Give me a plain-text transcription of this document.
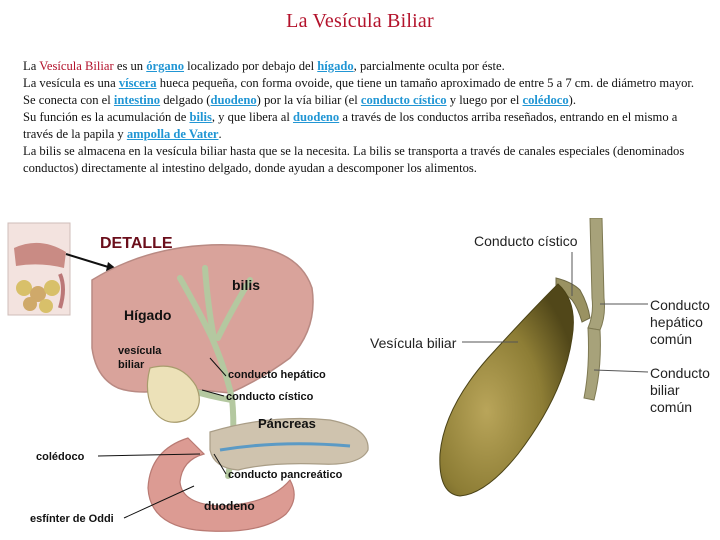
La Vesícula Biliar

La Vesícula Biliar es un órgano localizado por debajo del hígado, parcialmente oculta por éste.

La vesícula es una víscera hueca pequeña, con forma ovoide, que tiene un tamaño aproximado de entre 5 a 7 cm. de diámetro mayor. Se conecta con el intestino delgado (duodeno) por la vía biliar (el conducto cístico y luego por el colédoco).

Su función es la acumulación de bilis, y que libera al duodeno a través de los conductos arriba reseñados, entrando en el mismo a través de la papila y ampolla de Vater.

La bilis se almacena en la vesícula biliar hasta que se la necesita. La bilis se transporta a través de canales especiales (denominados conductos) directamente al intestino delgado, donde ayudan a descomponer los alimentos.

DETALLE
bilis
Hígado
vesícula
biliar
conducto hepático
conducto cístico
Páncreas
colédoco
conducto pancreático
esfínter de Oddi
duodeno
Conducto cístico
Vesícula biliar
Conducto
hepático
común
Conducto
biliar
común
